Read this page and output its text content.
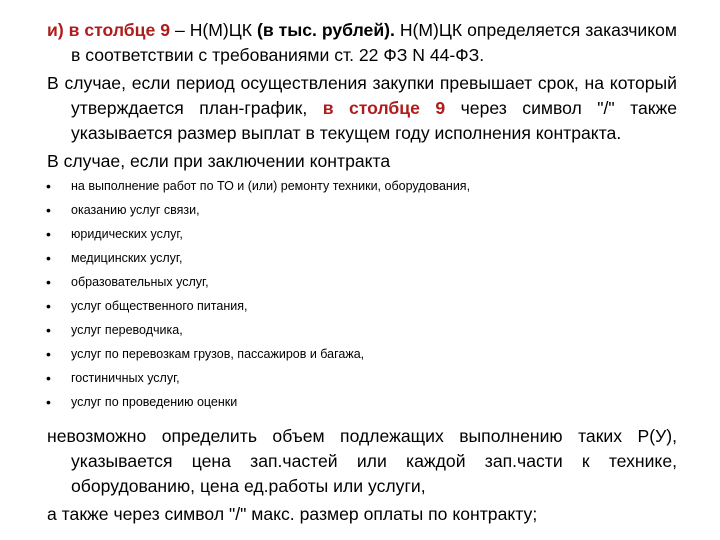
и) в столбце 9 – Н(М)ЦК (в тыс. рублей). Н(М)ЦК определяется заказчиком в соответствии с требованиями ст. 22 ФЗ N 44-ФЗ.

В случае, если период осуществления закупки превышает срок, на который утверждается план-график, в столбце 9 через символ "/" также указывается размер выплат в текущем году исполнения контракта.

В случае, если при заключении контракта

• на выполнение работ по ТО и (или) ремонту техники, оборудования,
• оказанию услуг связи,
• юридических услуг,
• медицинских услуг,
• образовательных услуг,
• услуг общественного питания,
• услуг переводчика,
• услуг по перевозкам грузов, пассажиров и багажа,
• гостиничных услуг,
• услуг по проведению оценки

невозможно определить объем подлежащих выполнению таких Р(У), указывается цена зап.частей или каждой зап.части к технике, оборудованию, цена ед.работы или услуги,

а также через символ "/" макс. размер оплаты по контракту;
